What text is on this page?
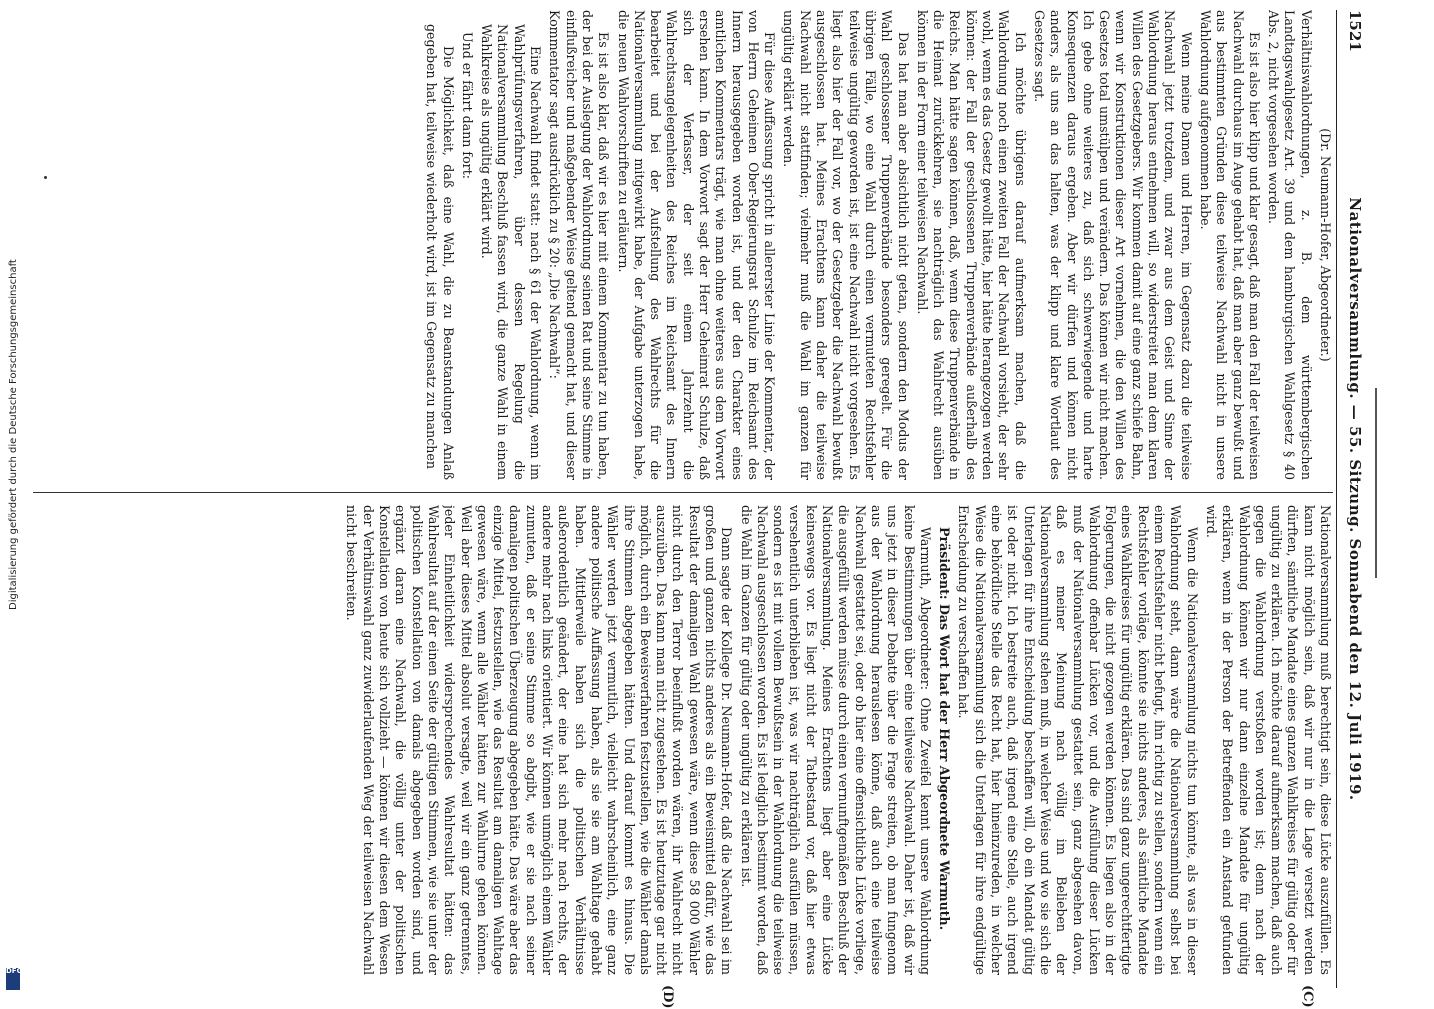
1521
Nationalversammlung. — 55. Sitzung. Sonnabend den 12. Juli 1919.
(C)
(D)

(Dr. Neumann-Hofer, Abgeordneter.)

Verhältniswahlordnungen, z. B. dem württembergischen Landtagswahlgesetz Art. 39 und dem hamburgischen Wahlgesetz § 40 Abs. 2, nicht vorgesehen worden.

Es ist also hier klipp und klar gesagt, daß man den Fall der teilweisen Nachwahl durchaus im Auge gehabt hat, daß man aber ganz bewußt und aus bestimmten Gründen diese teilweise Nachwahl nicht in unsere Wahlordnung aufgenommen habe.

Wenn meine Damen und Herren, im Gegensatz dazu die teilweise Nachwahl jetzt trotzdem, und zwar aus dem Geist und Sinne der Wahlordnung heraus entnehmen will, so widerstreitet man dem klaren Willen des Gesetzgebers. Wir kommen damit auf eine ganz schiefe Bahn, wenn wir Konstruktionen dieser Art vornehmen, die den Willen des Gesetzes total umstülpen und verändern. Das können wir nicht machen. Ich gebe ohne weiteres zu, daß sich schwerwiegende und harte Konsequenzen daraus ergeben. Aber wir dürfen und können nicht anders, als uns an das halten, was der klipp und klare Wortlaut des Gesetzes sagt.

Ich möchte übrigens darauf aufmerksam machen, daß die Wahlordnung noch einen zweiten Fall der Nachwahl vorsieht, der sehr wohl, wenn es das Gesetz gewollt hätte, hier hätte herangezogen werden können: der Fall der geschlossenen Truppenverbände außerhalb des Reichs. Man hätte sagen können, daß, wenn diese Truppenverbände in die Heimat zurückkehren, sie nachträglich das Wahlrecht ausüben können in der Form einer teilweisen Nachwahl.

Das hat man aber absichtlich nicht getan, sondern den Modus der Wahl geschlossener Truppenverbände besonders geregelt. Für die übrigen Fälle, wo eine Wahl durch einen vermuteten Rechtsfehler teilweise ungültig geworden ist, ist eine Nachwahl nicht vorgesehen. Es liegt also hier der Fall vor, wo der Gesetzgeber die Nachwahl bewußt ausgeschlossen hat. Meines Erachtens kann daher die teilweise Nachwahl nicht stattfinden; vielmehr muß die Wahl im ganzen für ungültig erklärt werden.

Für diese Auffassung spricht in allererster Linie der Kommentar, der von Herrn Geheimen Ober-Regierungsrat Schulze im Reichsamt des Innern herausgegeben worden ist, und der den Charakter eines amtlichen Kommentars trägt, wie man ohne weiteres aus dem Vorwort ersehen kann. In dem Vorwort sagt der Herr Geheimrat Schulze, daß sich der Verfasser, der seit einem Jahrzehnt die Wahlrechtsangelegenheiten des Reiches im Reichsamt des Innern bearbeitet und bei der Aufstellung des Wahlrechts für die Nationalversammlung mitgewirkt habe, der Aufgabe unterzogen habe, die neuen Wahlvorschriften zu erläutern.

Es ist also klar, daß wir es hier mit einem Kommentar zu tun haben, der bei der Auslegung der Wahlordnung seinen Rat und seine Stimme in einflußreicher und maßgebender Weise geltend gemacht hat, und dieser Kommentator sagt ausdrücklich zu § 20: „Die Nachwahl“:

Eine Nachwahl findet statt: nach § 61 der Wahlordnung, wenn im Wahlprüfungsverfahren, über dessen Regelung die Nationalversammlung Beschluß fassen wird, die ganze Wahl in einem Wahlkreise als ungültig erklärt wird.

Und er fährt dann fort:

Die Möglichkeit, daß eine Wahl, die zu Beanstandungen Anlaß gegeben hat, teilweise wiederholt wird, ist im Gegensatz zu manchen

Nationalversammlung muß berechtigt sein, diese Lücke auszufüllen. Es kann nicht möglich sein, daß wir nur in die Lage versetzt werden dürften, sämtliche Mandate eines ganzen Wahlkreises für gültig oder für ungültig zu erklären. Ich möchte darauf aufmerksam machen, daß auch gegen die Wahlordnung verstoßen worden ist; denn nach der Wahlordnung können wir nur dann einzelne Mandate für ungültig erklären, wenn in der Person der Betreffenden ein Anstand gefunden wird.

Wenn die Nationalversammlung nichts tun könnte, als was in dieser Wahlordnung steht, dann wäre die Nationalversammlung selbst bei einem Rechtsfehler nicht befugt, ihn richtig zu stellen, sondern wenn ein Rechtsfehler vorläge, könnte sie nichts anderes, als sämtliche Mandate eines Wahlkreises für ungültig erklären. Das sind ganz ungerechtfertigte Folgerungen, die nicht gezogen werden können. Es liegen also in der Wahlordnung offenbar Lücken vor, und die Ausfüllung dieser Lücken muß der Nationalversammlung gestattet sein, ganz abgesehen davon, daß es meiner Meinung nach völlig im Belieben der Nationalversammlung stehen muß, in welcher Weise und wo sie sich die Unterlagen für ihre Entscheidung beschaffen will, ob ein Mandat gültig ist oder nicht. Ich bestreite auch, daß irgend eine Stelle, auch irgend eine behördliche Stelle das Recht hat, hier hineinzureden, in welcher Weise die Nationalversammlung sich die Unterlagen für ihre endgültige Entscheidung zu verschaffen hat.

Präsident: Das Wort hat der Herr Abgeordnete Warmuth.

Warmuth, Abgeordneter: Ohne Zweifel kennt unsere Wahlordnung keine Bestimmungen über eine teilweise Nachwahl. Daher ist, daß wir uns jetzt in dieser Debatte über die Frage streiten, ob man fungenom aus der Wahlordnung herauslesen könne, daß auch eine teilweise Nachwahl gestattet sei, oder ob hier eine offensichtliche Lücke vorliege, die ausgefüllt werden müsse durch einen vernunftgemäßen Beschluß der Nationalversammlung. Meines Erachtens liegt aber eine Lücke keineswegs vor. Es liegt nicht der Tatbestand vor, daß hier etwas versehentlich unterblieben ist, was wir nachträglich ausfüllen müssen, sondern es ist mit vollem Bewußtsein in der Wahlordnung die teilweise Nachwahl ausgeschlossen worden. Es ist lediglich bestimmt worden, daß die Wahl im Ganzen für gültig oder ungültig zu erklären ist.

Dann sagte der Kollege Dr. Neumann-Hofer, daß die Nachwahl sei im großen und ganzen nichts anderes als ein Beweismittel dafür, wie das Resultat der damaligen Wahl gewesen wäre, wenn diese 58 000 Wähler nicht durch den Terror beeinflußt worden wären, ihr Wahlrecht nicht auszuüben. Das kann man nicht zugestehen. Es ist heutzutage gar nicht möglich, durch ein Beweisverfahren festzustellen, wie die Wähler damals ihre Stimmen abgegeben hätten. Und darauf kommt es hinaus. Die Wähler werden jetzt vermutlich, vielleicht wahrscheinlich, eine ganz andere politische Auffassung haben, als sie sie am Wahltage gehabt haben. Mittlerweile haben sich die politischen Verhältnisse außerordentlich geändert, der eine hat sich mehr nach rechts, der andere mehr nach links orientiert. Wir können unmöglich einem Wähler zumuten, daß er seine Stimme so abgibt, wie er sie nach seiner damaligen politischen Überzeugung abgegeben hätte. Das wäre aber das einzige Mittel, festzustellen, wie das Resultat am damaligen Wahltage gewesen wäre, wenn alle Wähler hätten zur Wahlurne gehen können. Weil aber dieses Mittel absolut versagte, weil wir ein ganz getrenntes, jeder Einheitlichkeit widersprechendes Wahlresultat hätten: das Wahlresultat auf der einen Seite der gültigen Stimmen, wie sie unter der politischen Konstellation von damals abgegeben worden sind, und ergänzt daran eine Nachwahl, die völlig unter der politischen Konstellation von heute sich vollzieht — können wir diesen dem Wesen der Verhältniswahl ganz zuwiderlaufenden Weg der teilweisen Nachwahl nicht beschreiten.

Digitalisierung gefördert durch die Deutsche Forschungsgemeinschaft
DFG
